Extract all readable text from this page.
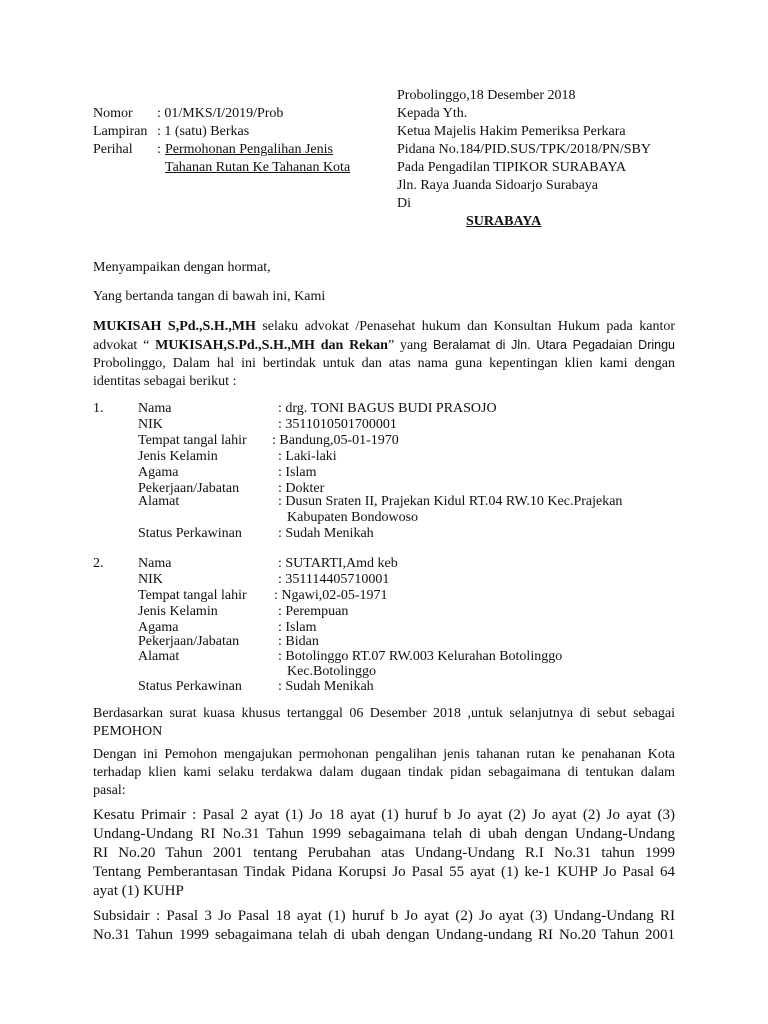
Probolinggo,18 Desember 2018
Nomor : 01/MKS/I/2019/Prob
Lampiran : 1 (satu) Berkas
Perihal : Permohonan Pengalihan Jenis
Tahanan Rutan Ke Tahanan Kota
Kepada Yth.
Ketua Majelis Hakim Pemeriksa Perkara
Pidana No.184/PID.SUS/TPK/2018/PN/SBY
Pada Pengadilan TIPIKOR SURABAYA
Jln. Raya Juanda Sidoarjo Surabaya
Di
SURABAYA
Menyampaikan dengan hormat,
Yang bertanda tangan di bawah ini, Kami
MUKISAH S,Pd.,S.H.,MH selaku advokat /Penasehat hukum dan Konsultan Hukum pada kantor
advokat “ MUKISAH,S.Pd.,S.H.,MH dan Rekan” yang Beralamat di Jln. Utara Pegadaian Dringu
Probolinggo, Dalam hal ini bertindak untuk dan atas nama guna kepentingan klien kami dengan
identitas sebagai berikut :
1. Nama	: drg. TONI BAGUS BUDI PRASOJO
NIK	: 3511010501700001
Tempat tangal lahir : Bandung,05-01-1970
Jenis Kelamin	: Laki-laki
Agama	: Islam
Pekerjaan/Jabatan	: Dokter
Alamat	: Dusun Sraten II, Prajekan Kidul RT.04 RW.10 Kec.Prajekan
Kabupaten Bondowoso
Status Perkawinan	: Sudah Menikah
2. Nama	: SUTARTI,Amd keb
NIK	: 351114405710001
Tempat tangal lahir : Ngawi,02-05-1971
Jenis Kelamin	: Perempuan
Agama	: Islam
Pekerjaan/Jabatan	: Bidan
Alamat	: Botolinggo RT.07 RW.003 Kelurahan Botolinggo
Kec.Botolinggo
Status Perkawinan	: Sudah Menikah
Berdasarkan surat kuasa khusus tertanggal 06 Desember 2018 ,untuk selanjutnya di sebut sebagai
PEMOHON
Dengan ini Pemohon mengajukan permohonan pengalihan jenis tahanan rutan ke penahanan Kota
terhadap klien kami selaku terdakwa dalam dugaan tindak pidan sebagaimana di tentukan dalam
pasal:
Kesatu Primair : Pasal 2 ayat (1) Jo 18 ayat (1) huruf b Jo ayat (2) Jo ayat (2) Jo ayat (3)
Undang-Undang RI No.31 Tahun 1999 sebagaimana telah di ubah dengan Undang-Undang
RI No.20 Tahun 2001 tentang Perubahan atas Undang-Undang R.I No.31 tahun 1999
Tentang Pemberantasan Tindak Pidana Korupsi Jo Pasal 55 ayat (1) ke-1 KUHP Jo Pasal 64
ayat (1) KUHP
Subsidair : Pasal 3 Jo Pasal 18 ayat (1) huruf b Jo ayat (2) Jo ayat (3) Undang-Undang RI
No.31 Tahun 1999 sebagaimana telah di ubah dengan Undang-undang RI No.20 Tahun 2001
